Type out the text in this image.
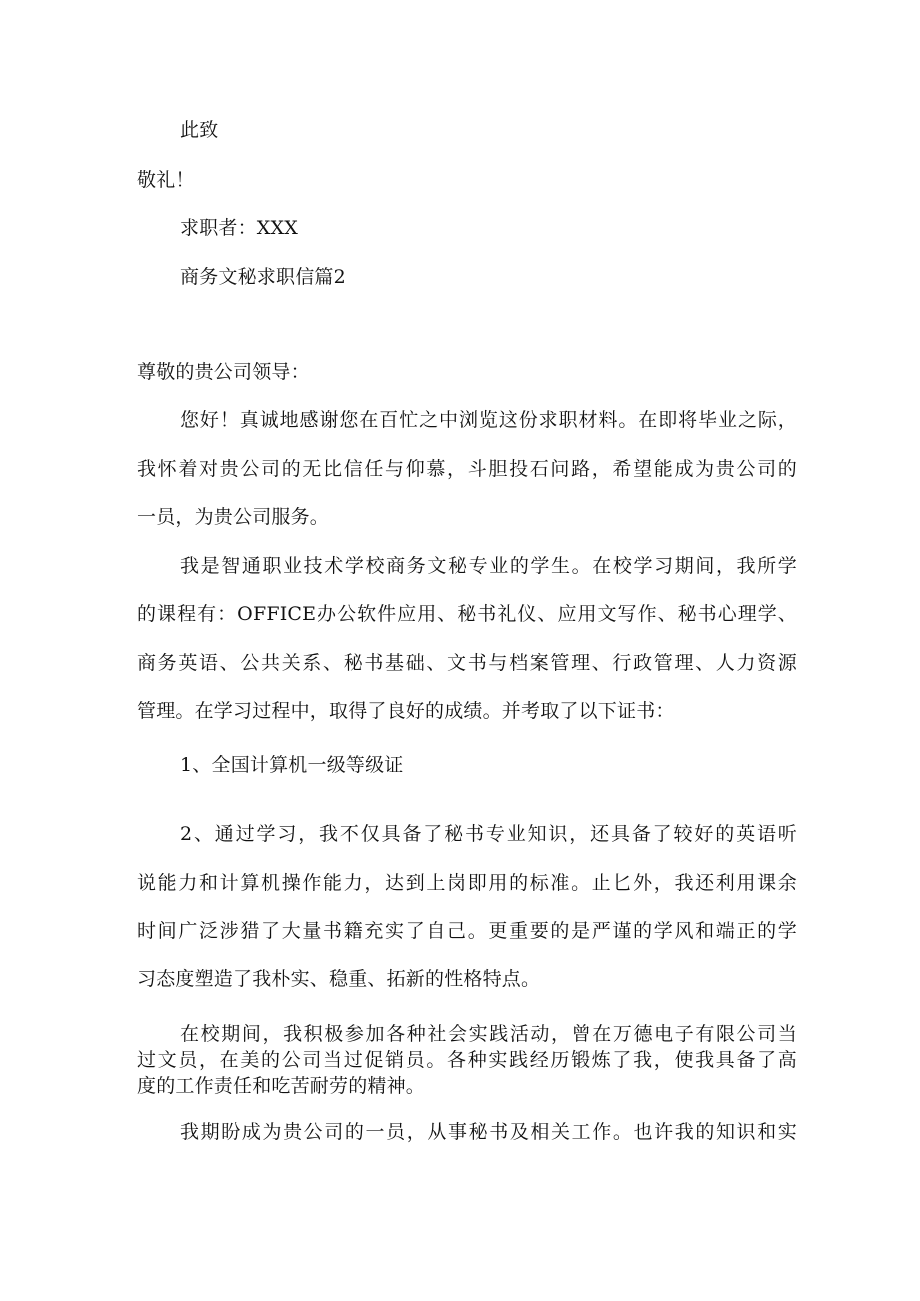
此致
敬礼！
求职者：XXX
商务文秘求职信篇2
尊敬的贵公司领导：
您好！真诚地感谢您在百忙之中浏览这份求职材料。在即将毕业之际，
我怀着对贵公司的无比信任与仰慕，斗胆投石问路，希望能成为贵公司的
一员，为贵公司服务。
我是智通职业技术学校商务文秘专业的学生。在校学习期间，我所学
的课程有：OFFICE办公软件应用、秘书礼仪、应用文写作、秘书心理学、
商务英语、公共关系、秘书基础、文书与档案管理、行政管理、人力资源
管理。在学习过程中，取得了良好的成绩。并考取了以下证书：
1、全国计算机一级等级证
2、通过学习，我不仅具备了秘书专业知识，还具备了较好的英语听
说能力和计算机操作能力，达到上岗即用的标准。止匕外，我还利用课余
时间广泛涉猎了大量书籍充实了自己。更重要的是严谨的学风和端正的学
习态度塑造了我朴实、稳重、拓新的性格特点。
在校期间，我积极参加各种社会实践活动，曾在万德电子有限公司当
过文员，在美的公司当过促销员。各种实践经历锻炼了我，使我具备了高
度的工作责任和吃苦耐劳的精神。
我期盼成为贵公司的一员，从事秘书及相关工作。也许我的知识和实
